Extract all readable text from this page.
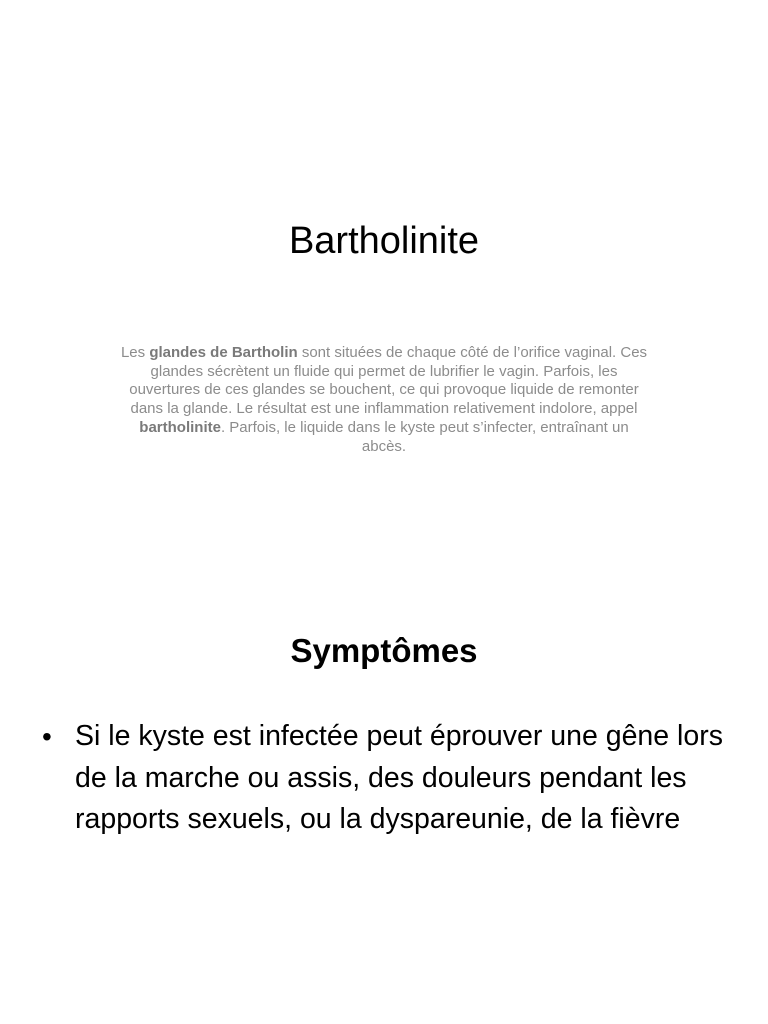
Bartholinite

Les glandes de Bartholin sont situées de chaque côté de l’orifice vaginal. Ces glandes sécrètent un fluide qui permet de lubrifier le vagin. Parfois, les ouvertures de ces glandes se bouchent, ce qui provoque liquide de remonter dans la glande. Le résultat est une inflammation relativement indolore, appel bartholinite. Parfois, le liquide dans le kyste peut s’infecter, entraînant un abcès.

Symptômes
• Si le kyste est infectée peut éprouver une gêne lors de la marche ou assis, des douleurs pendant les rapports sexuels, ou la dyspareunie, de la fièvre
